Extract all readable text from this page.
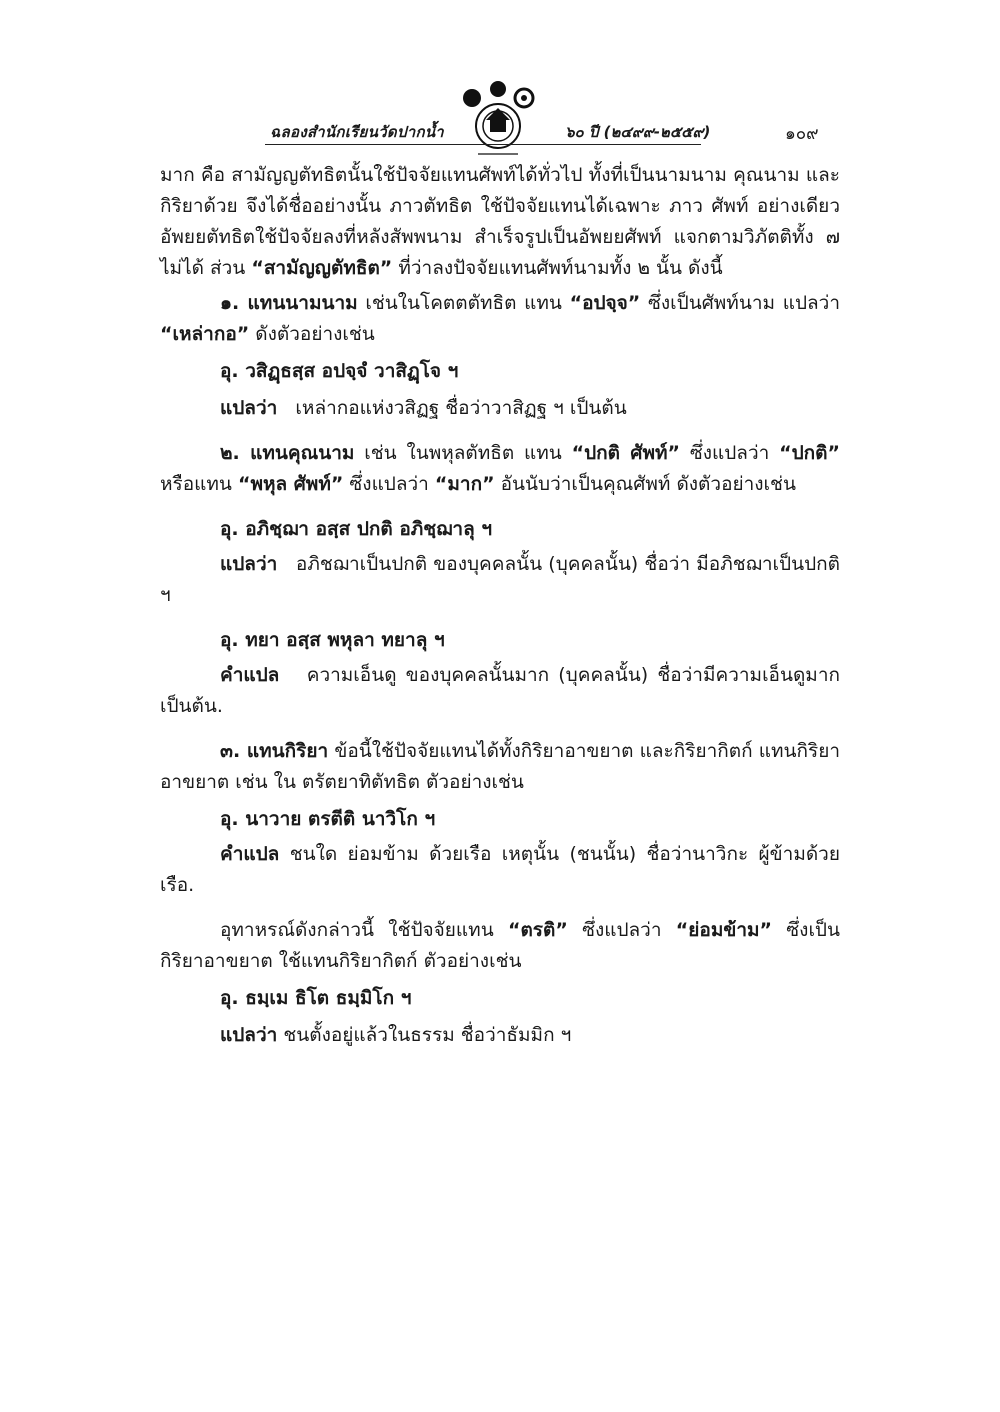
ฉลองสำนักเรียนวัดปากน้ำ	๖๐ ปี (๒๔๙๙-๒๕๕๙)	๑๐๙

มาก คือ สามัญญตัทธิตนั้นใช้ปัจจัยแทนศัพท์ได้ทั่วไป ทั้งที่เป็นนามนาม คุณนาม และกิริยาด้วย จึงได้ชื่ออย่างนั้น ภาวตัทธิต ใช้ปัจจัยแทนได้เฉพาะ ภาว ศัพท์ อย่างเดียว อัพยยตัทธิตใช้ปัจจัยลงที่หลังสัพพนาม สำเร็จรูปเป็นอัพยยศัพท์ แจกตามวิภัตติทั้ง ๗ ไม่ได้ ส่วน “สามัญญตัทธิต” ที่ว่าลงปัจจัยแทนศัพท์นามทั้ง ๒ นั้น ดังนี้

๑. แทนนามนาม เช่นในโคตตตัทธิต แทน “อปจฺจ” ซึ่งเป็นศัพท์นาม แปลว่า “เหล่ากอ” ดังตัวอย่างเช่น

อุ. วสิฏฺธสฺส อปจฺจํ วาสิฏฺโจ ฯ

แปลว่า เหล่ากอแห่งวสิฏฐ ชื่อว่าวาสิฏฐ ฯ เป็นต้น

๒. แทนคุณนาม เช่น ในพหุลตัทธิต แทน “ปกติ ศัพท์” ซึ่งแปลว่า “ปกติ” หรือแทน “พหุล ศัพท์” ซึ่งแปลว่า “มาก” อันนับว่าเป็นคุณศัพท์ ดังตัวอย่างเช่น

อุ. อภิชฺฌา อสฺส ปกติ อภิชฺฌาลุ ฯ

แปลว่า อภิชฌาเป็นปกติ ของบุคคลนั้น (บุคคลนั้น) ชื่อว่า มีอภิชฌาเป็นปกติ ฯ

อุ. ทยา อสฺส พหุลา ทยาลุ ฯ

คำแปล ความเอ็นดู ของบุคคลนั้นมาก (บุคคลนั้น) ชื่อว่ามีความเอ็นดูมาก เป็นต้น.

๓. แทนกิริยา ข้อนี้ใช้ปัจจัยแทนได้ทั้งกิริยาอาขยาต และกิริยากิตก์ แทนกิริยาอาขยาต เช่น ใน ตรัตยาทิตัทธิต ตัวอย่างเช่น

อุ. นาวาย ตรตีติ นาวิโก ฯ

คำแปล ชนใด ย่อมข้าม ด้วยเรือ เหตุนั้น (ชนนั้น) ชื่อว่านาวิกะ ผู้ข้ามด้วยเรือ.

อุทาหรณ์ดังกล่าวนี้ ใช้ปัจจัยแทน “ตรติ” ซึ่งแปลว่า “ย่อมข้าม” ซึ่งเป็นกิริยาอาขยาต ใช้แทนกิริยากิตก์ ตัวอย่างเช่น

อุ. ธมฺเม ธิโต ธมฺมิโก ฯ

แปลว่า ชนตั้งอยู่แล้วในธรรม ชื่อว่าธัมมิก ฯ
